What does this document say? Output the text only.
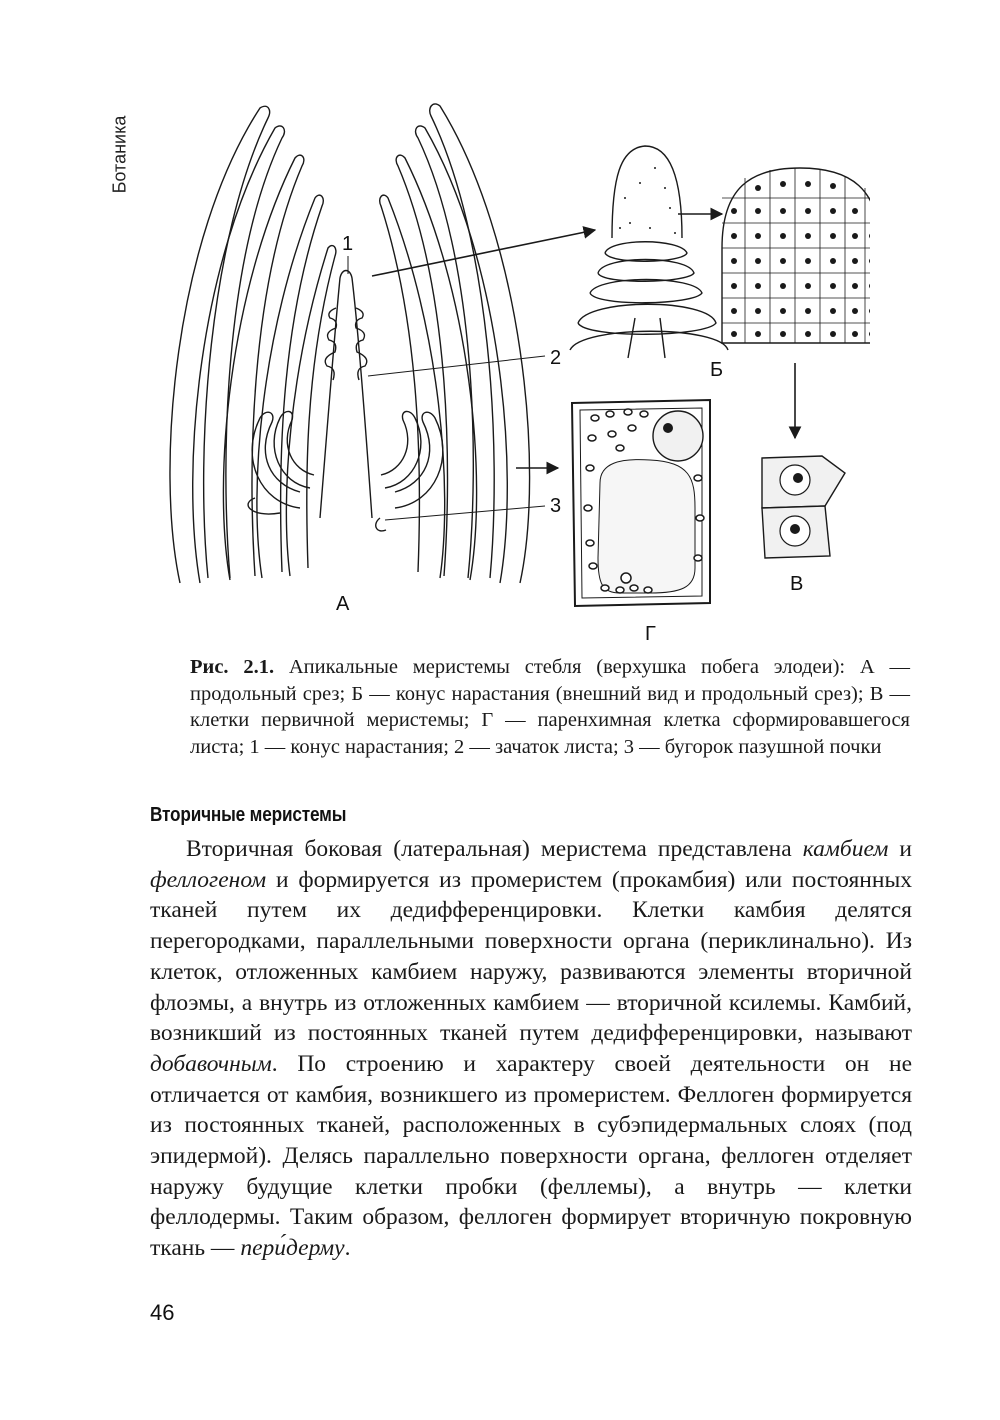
Ботаника
1
2
3
А
Б
В
Г
Рис. 2.1. Апикальные меристемы стебля (верхушка побега элодеи): А — продольный срез; Б — конус нарастания (внешний вид и продольный срез); В — клетки первичной меристемы; Г — паренхимная клетка сформировавшегося листа; 1 — конус нарастания; 2 — зачаток листа; 3 — бугорок пазушной почки
Вторичные меристемы

Вторичная боковая (латеральная) меристема представлена камбием и феллогеном и формируется из промеристем (прокамбия) или постоянных тканей путем их дедифференцировки. Клетки камбия делятся перегородками, параллельными поверхности органа (периклинально). Из клеток, отложенных камбием наружу, развиваются элементы вторичной флоэмы, а внутрь из отложенных камбием — вторичной ксилемы. Камбий, возникший из постоянных тканей путем дедифференцировки, называют добавочным. По строению и характеру своей деятельности он не отличается от камбия, возникшего из промеристем. Феллоген формируется из постоянных тканей, расположенных в субэпидермальных слоях (под эпидермой). Делясь параллельно поверхности органа, феллоген отделяет наружу будущие клетки пробки (феллемы), а внутрь — клетки феллодермы. Таким образом, феллоген формирует вторичную покровную ткань — пери́дерму.

46
